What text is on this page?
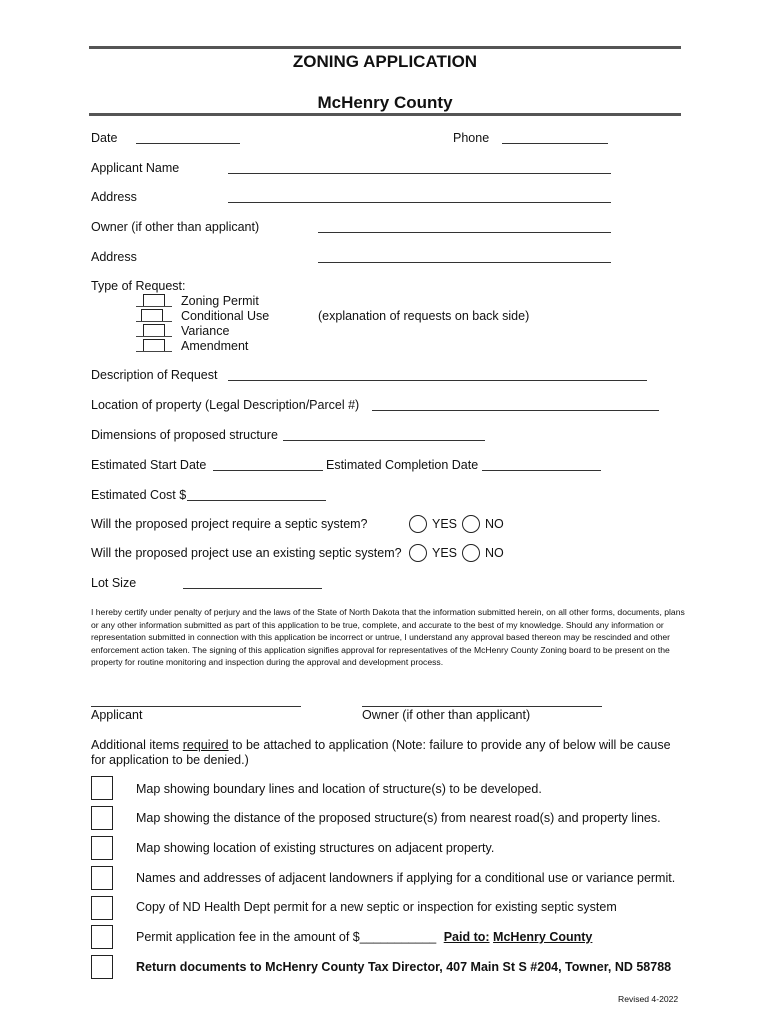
ZONING APPLICATION
McHenry County
Date	Phone
Applicant Name
Address
Owner (if other than applicant)
Address
Type of Request:
Zoning Permit
Conditional Use
Variance
Amendment
(explanation of requests on back side)
Description of Request
Location of property (Legal Description/Parcel #)
Dimensions of proposed structure
Estimated Start Date	Estimated Completion Date
Estimated Cost $
Will the proposed project require a septic system?	YES NO
Will the proposed project use an existing septic system? YES NO
Lot Size
I hereby certify under penalty of perjury and the laws of the State of North Dakota that the information submitted herein, on all other forms, documents, plans or any other information submitted as part of this application to be true, complete, and accurate to the best of my knowledge. Should any information or representation submitted in connection with this application be incorrect or untrue, I understand any approval based thereon may be rescinded and other enforcement action taken. The signing of this application signifies approval for representatives of the McHenry County Zoning board to be present on the property for routine monitoring and inspection during the approval and development process.
Applicant	Owner (if other than applicant)
Additional items required to be attached to application (Note: failure to provide any of below will be cause for application to be denied.)
Map showing boundary lines and location of structure(s) to be developed.
Map showing the distance of the proposed structure(s) from nearest road(s) and property lines.
Map showing location of existing structures on adjacent property.
Names and addresses of adjacent landowners if applying for a conditional use or variance permit.
Copy of ND Health Dept permit for a new septic or inspection for existing septic system
Permit application fee in the amount of $___________ Paid to: McHenry County
Return documents to McHenry County Tax Director, 407 Main St S #204, Towner, ND 58788
Revised 4-2022
